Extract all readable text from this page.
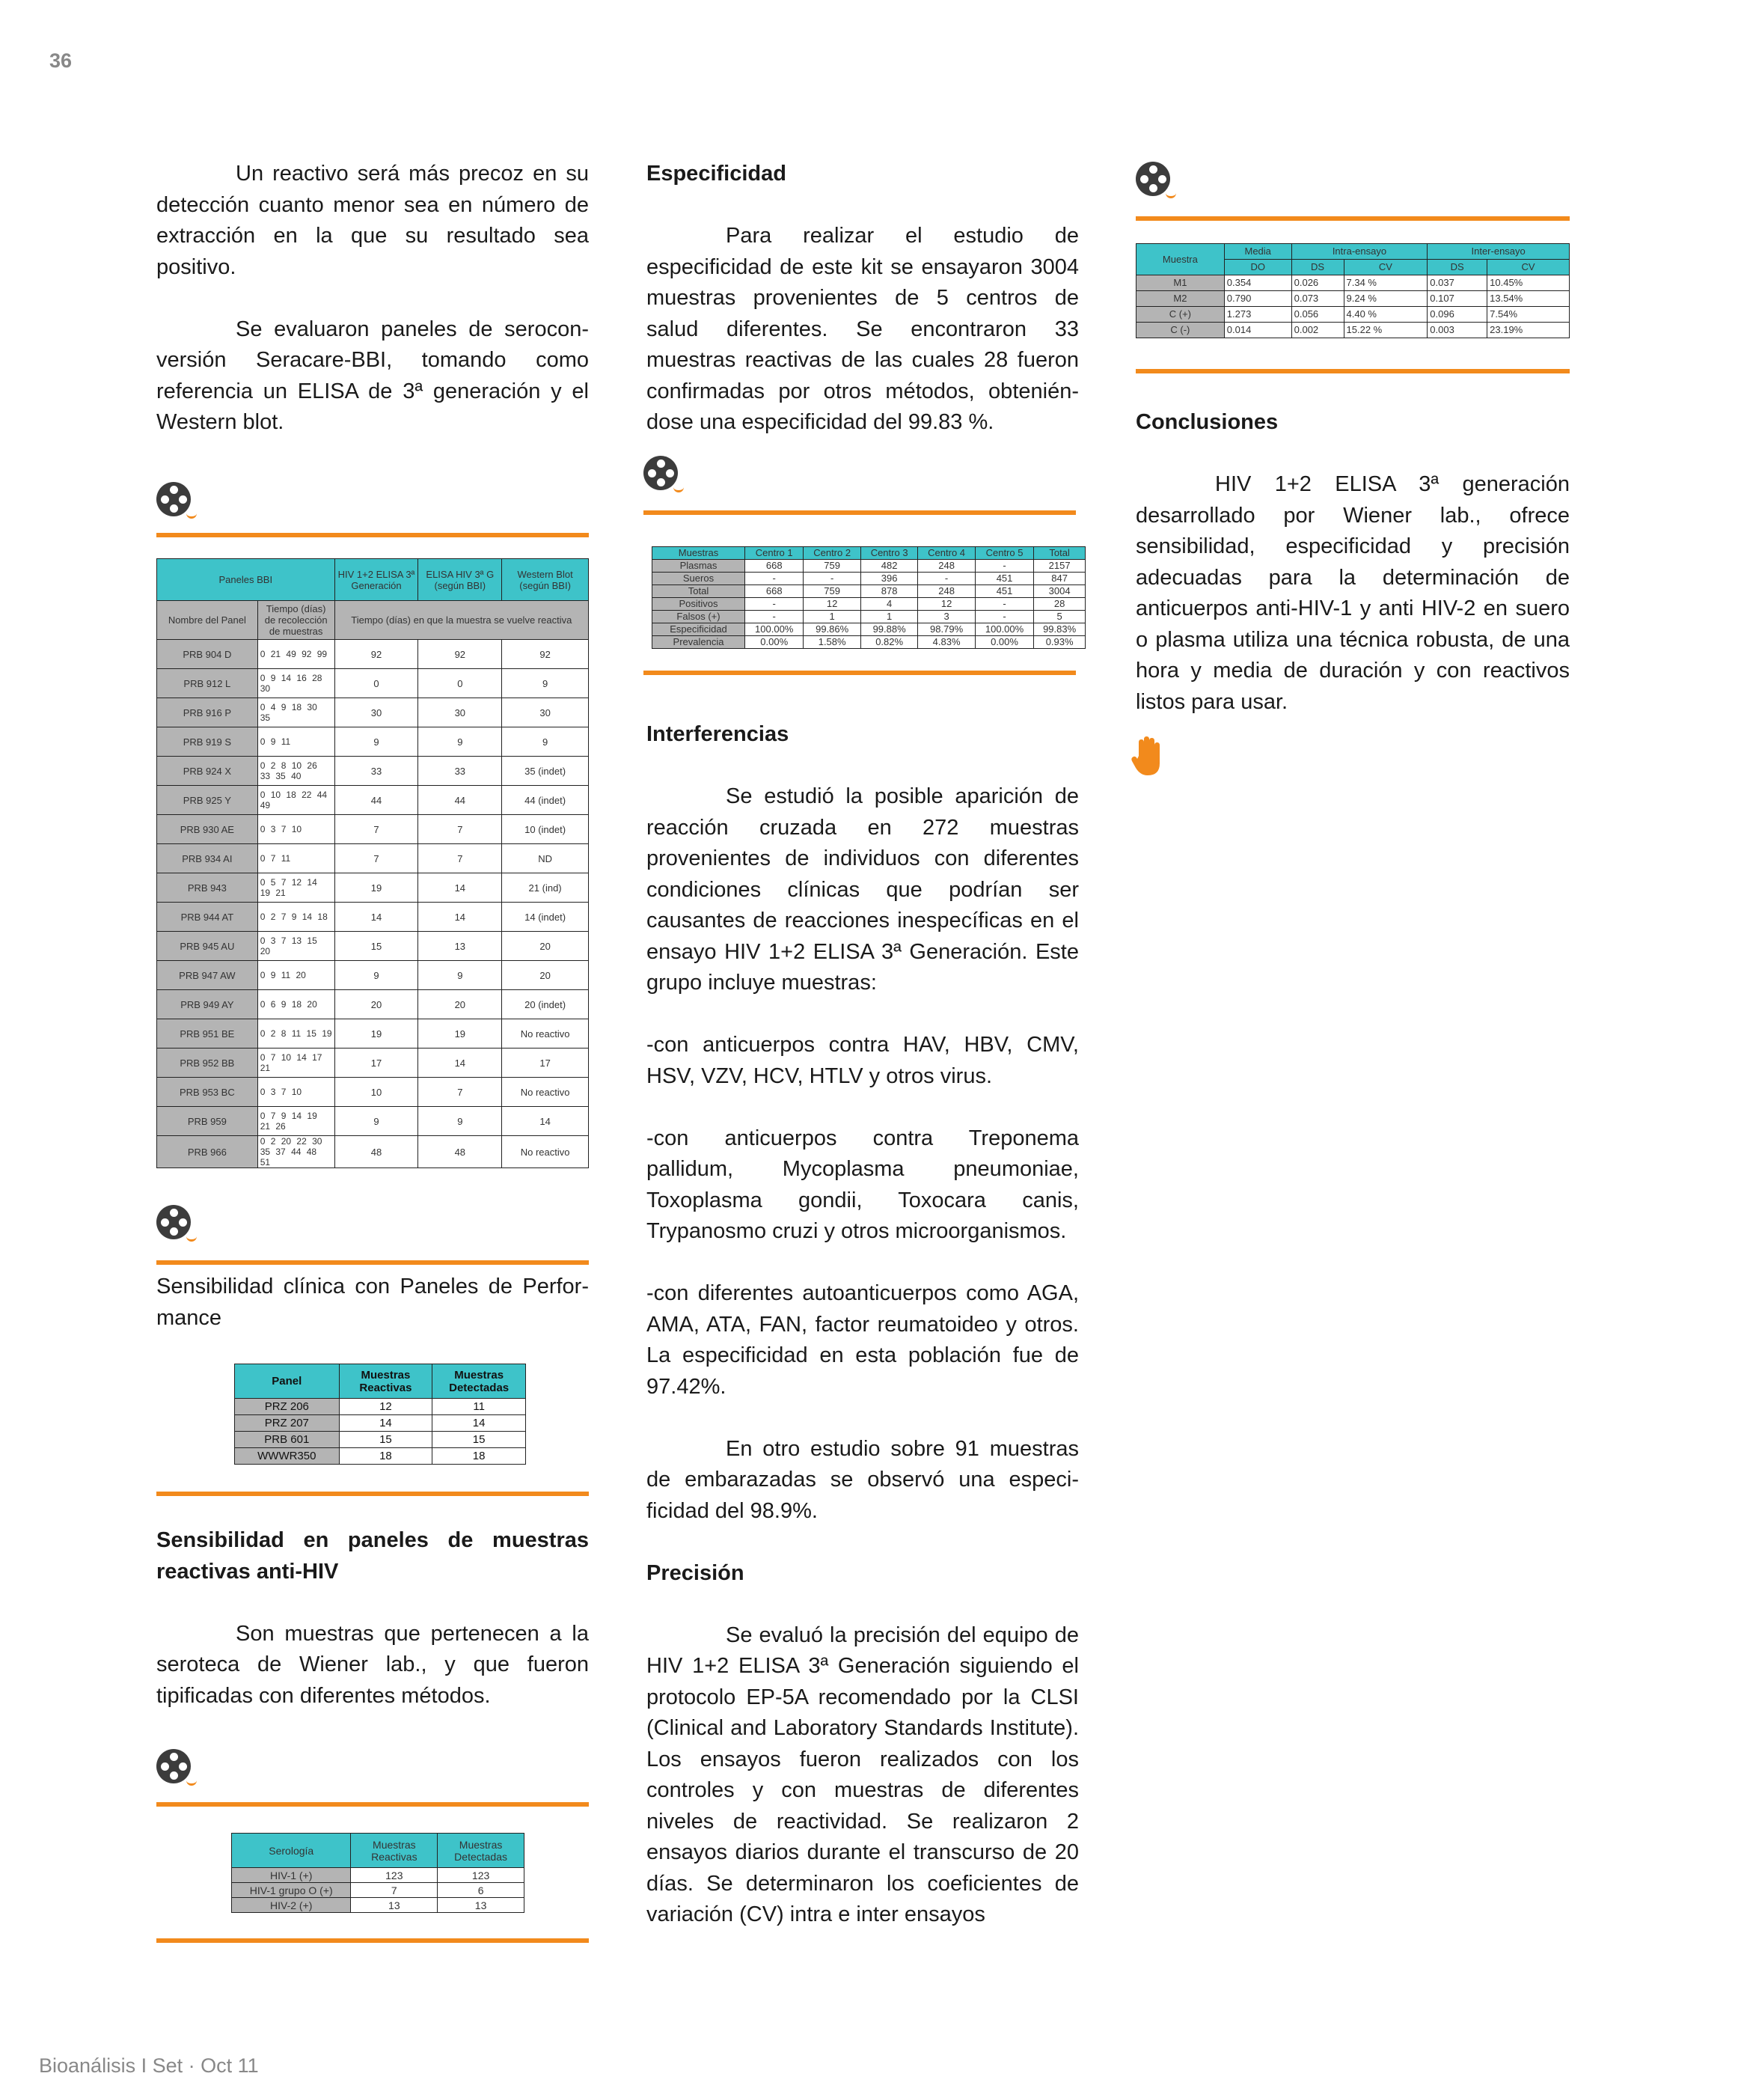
36

Un reactivo será más precoz en su detección cuanto menor sea en número de extracción en la que su resultado sea positivo.

Se evaluaron paneles de serocon-versión Seracare-BBI, tomando como referencia un ELISA de 3ª generación y el Western blot.

Paneles BBI		HIV 1+2 ELISA 3ª Generación	ELISA HIV 3ª G (según BBI)	Western Blot (según BBI)
Nombre del Panel	Tiempo (días) de recolección de muestras	Tiempo (días) en que la muestra se vuelve reactiva		
PRB 904 D	0 21 49 92 99	92	92	92
PRB 912 L	0 9 14 16 28 30	0	0	9
PRB 916 P	0 4 9 18 30 35	30	30	30
PRB 919 S	0 9 11	9	9	9
PRB 924 X	0 2 8 10 26 33 35 40	33	33	35 (indet)
PRB 925 Y	0 10 18 22 44 49	44	44	44 (indet)
PRB 930 AE	0 3 7 10	7	7	10 (indet)
PRB 934 AI	0 7 11	7	7	ND
PRB 943	0 5 7 12 14 19 21	19	14	21 (ind)
PRB 944 AT	0 2 7 9 14 18	14	14	14 (indet)
PRB 945 AU	0 3 7 13 15 20	15	13	20
PRB 947 AW	0 9 11 20	9	9	20
PRB 949 AY	0 6 9 18 20	20	20	20 (indet)
PRB 951 BE	0 2 8 11 15 19	19	19	No reactivo
PRB 952 BB	0 7 10 14 17 21	17	14	17
PRB 953 BC	0 3 7 10	10	7	No reactivo
PRB 959	0 7 9 14 19 21 26	9	9	14
PRB 966	0 2 20 22 30 35 37 44 48 51	48	48	No reactivo

Sensibilidad clínica con Paneles de Perfor-mance

Panel	Muestras Reactivas	Muestras Detectadas
PRZ 206	12	11
PRZ 207	14	14
PRB 601	15	15
WWWR350	18	18

Sensibilidad en paneles de muestras reactivas anti-HIV

Son muestras que pertenecen a la seroteca de Wiener lab., y que fueron tipificadas con diferentes métodos.

Serología	Muestras Reactivas	Muestras Detectadas
HIV-1 (+)	123	123
HIV-1 grupo O (+)	7	6
HIV-2 (+)	13	13

Especificidad

Para realizar el estudio de especificidad de este kit se ensayaron 3004 muestras provenientes de 5 centros de salud diferentes. Se encontraron 33 muestras reactivas de las cuales 28 fueron confirmadas por otros métodos, obtenién-dose una especificidad del 99.83 %.

Muestras	Centro 1	Centro 2	Centro 3	Centro 4	Centro 5	Total
Plasmas	668	759	482	248	-	2157
Sueros	-	-	396	-	451	847
Total	668	759	878	248	451	3004
Positivos	-	12	4	12	-	28
Falsos (+)	-	1	1	3	-	5
Especificidad	100.00%	99.86%	99.88%	98.79%	100.00%	99.83%
Prevalencia	0.00%	1.58%	0.82%	4.83%	0.00%	0.93%

Interferencias

Se estudió la posible aparición de reacción cruzada en 272 muestras provenientes de individuos con diferentes condiciones clínicas que podrían ser causantes de reacciones inespecíficas en el ensayo HIV 1+2 ELISA 3ª Generación. Este grupo incluye muestras:

-con anticuerpos contra HAV, HBV, CMV, HSV, VZV, HCV, HTLV y otros virus.

-con anticuerpos contra Treponema pallidum, Mycoplasma pneumoniae, Toxoplasma gondii, Toxocara canis, Trypanosmo cruzi y otros microorganismos.

-con diferentes autoanticuerpos como AGA, AMA, ATA, FAN, factor reumatoideo y otros. La especificidad en esta población fue de 97.42%.

En otro estudio sobre 91 muestras de embarazadas se observó una especi-ficidad del 98.9%.

Precisión

Se evaluó la precisión del equipo de HIV 1+2 ELISA 3ª Generación siguiendo el protocolo EP-5A recomendado por la CLSI (Clinical and Laboratory Standards Institute). Los ensayos fueron realizados con los controles y con muestras de diferentes niveles de reactividad. Se realizaron 2 ensayos diarios durante el transcurso de 20 días. Se determinaron los coeficientes de variación (CV) intra e inter ensayos

Muestra	Media	Intra-ensayo		Inter-ensayo	
	DO	DS	CV	DS	CV
M1	0.354	0.026	7.34 %	0.037	10.45%
M2	0.790	0.073	9.24 %	0.107	13.54%
C (+)	1.273	0.056	4.40 %	0.096	7.54%
C (-)	0.014	0.002	15.22 %	0.003	23.19%

Conclusiones

HIV 1+2 ELISA 3ª generación desarrollado por Wiener lab., ofrece sensibilidad, especificidad y precisión adecuadas para la determinación de anticuerpos anti-HIV-1 y anti HIV-2 en suero o plasma utiliza una técnica robusta, de una hora y media de duración y con reactivos listos para usar.

Bioanálisis I Set · Oct 11
